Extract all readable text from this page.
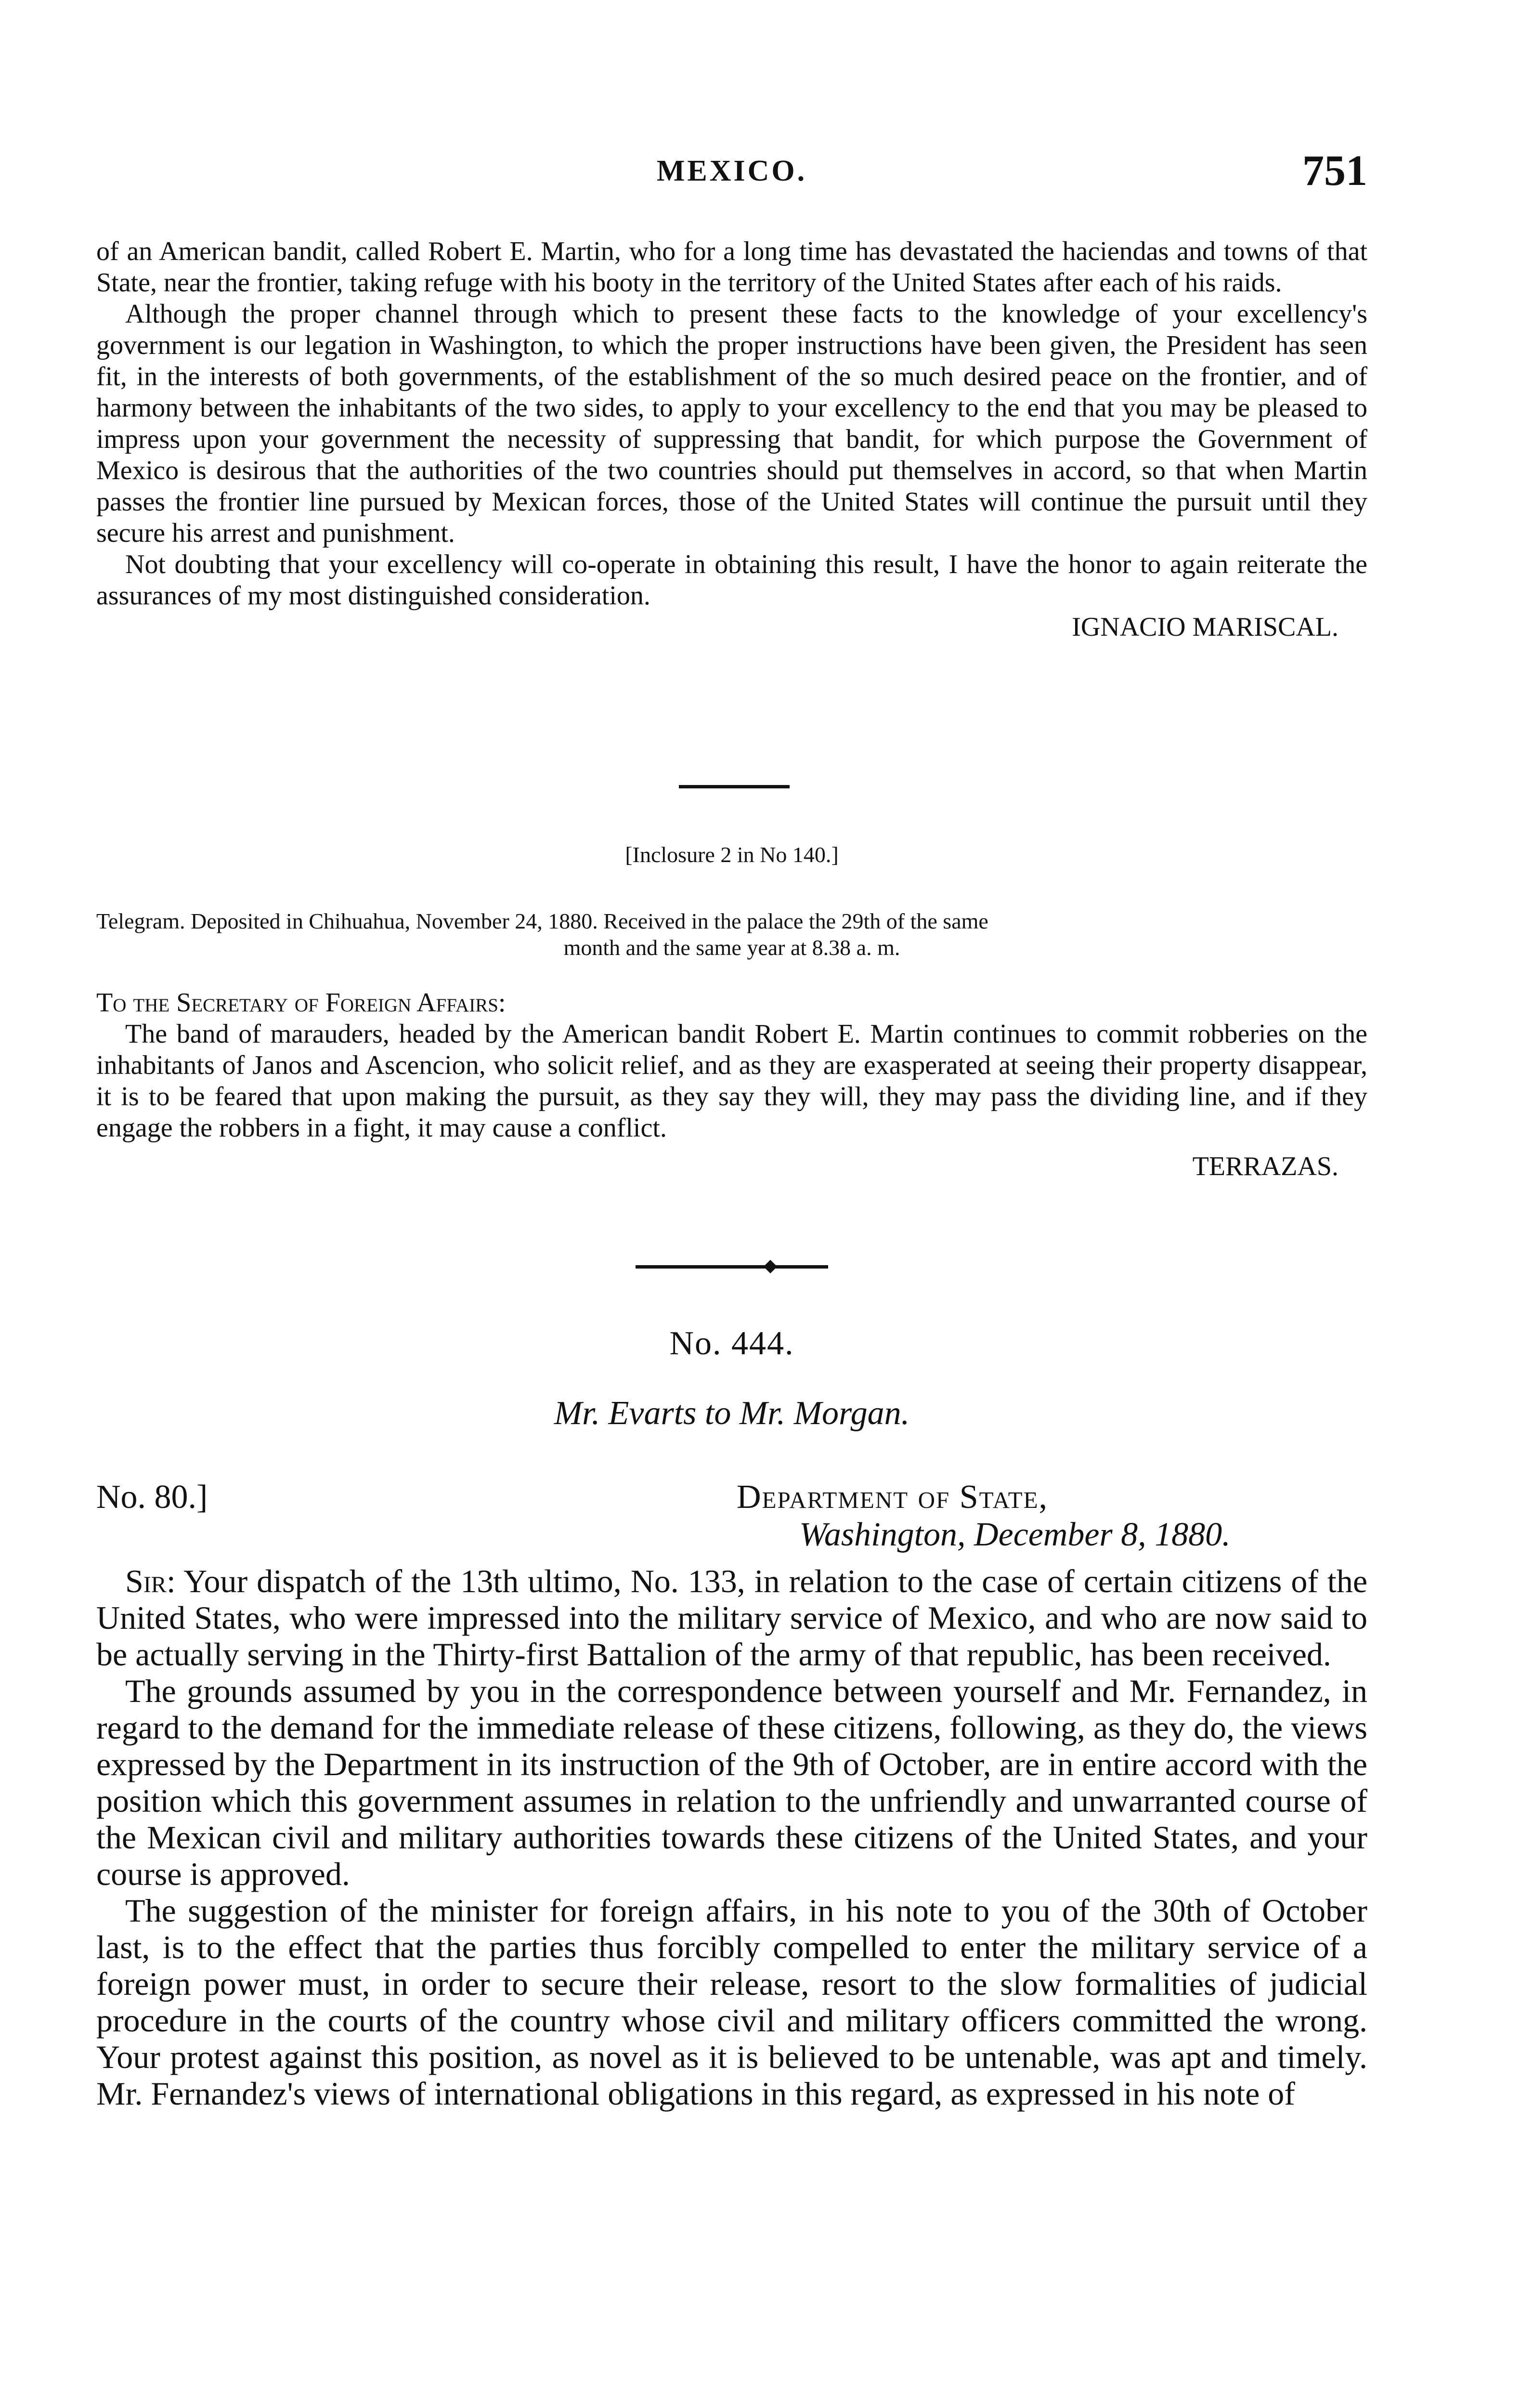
MEXICO.	751

of an American bandit, called Robert E. Martin, who for a long time has devastated the haciendas and towns of that State, near the frontier, taking refuge with his booty in the territory of the United States after each of his raids.

Although the proper channel through which to present these facts to the knowledge of your excellency's government is our legation in Washington, to which the proper instructions have been given, the President has seen fit, in the interests of both governments, of the establishment of the so much desired peace on the frontier, and of harmony between the inhabitants of the two sides, to apply to your excellency to the end that you may be pleased to impress upon your government the necessity of suppressing that bandit, for which purpose the Government of Mexico is desirous that the authorities of the two countries should put themselves in accord, so that when Martin passes the frontier line pursued by Mexican forces, those of the United States will continue the pursuit until they secure his arrest and punishment.

Not doubting that your excellency will co-operate in obtaining this result, I have the honor to again reiterate the assurances of my most distinguished consideration.

IGNACIO MARISCAL.
[Inclosure 2 in No 140.]
Telegram. Deposited in Chihuahua, November 24, 1880. Received in the palace the 29th of the same
month and the same year at 8.38 a. m.

To the Secretary of Foreign Affairs:

The band of marauders, headed by the American bandit Robert E. Martin continues to commit robberies on the inhabitants of Janos and Ascencion, who solicit relief, and as they are exasperated at seeing their property disappear, it is to be feared that upon making the pursuit, as they say they will, they may pass the dividing line, and if they engage the robbers in a fight, it may cause a conflict.

TERRAZAS.
No. 444.
Mr. Evarts to Mr. Morgan.
No. 80.]	Department of State,
Washington, December 8, 1880.

Sir: Your dispatch of the 13th ultimo, No. 133, in relation to the case of certain citizens of the United States, who were impressed into the military service of Mexico, and who are now said to be actually serving in the Thirty-first Battalion of the army of that republic, has been received.

The grounds assumed by you in the correspondence between yourself and Mr. Fernandez, in regard to the demand for the immediate release of these citizens, following, as they do, the views expressed by the Department in its instruction of the 9th of October, are in entire accord with the position which this government assumes in relation to the unfriendly and unwarranted course of the Mexican civil and military authorities towards these citizens of the United States, and your course is approved.

The suggestion of the minister for foreign affairs, in his note to you of the 30th of October last, is to the effect that the parties thus forcibly compelled to enter the military service of a foreign power must, in order to secure their release, resort to the slow formalities of judicial procedure in the courts of the country whose civil and military officers committed the wrong. Your protest against this position, as novel as it is believed to be untenable, was apt and timely. Mr. Fernandez's views of international obligations in this regard, as expressed in his note of
